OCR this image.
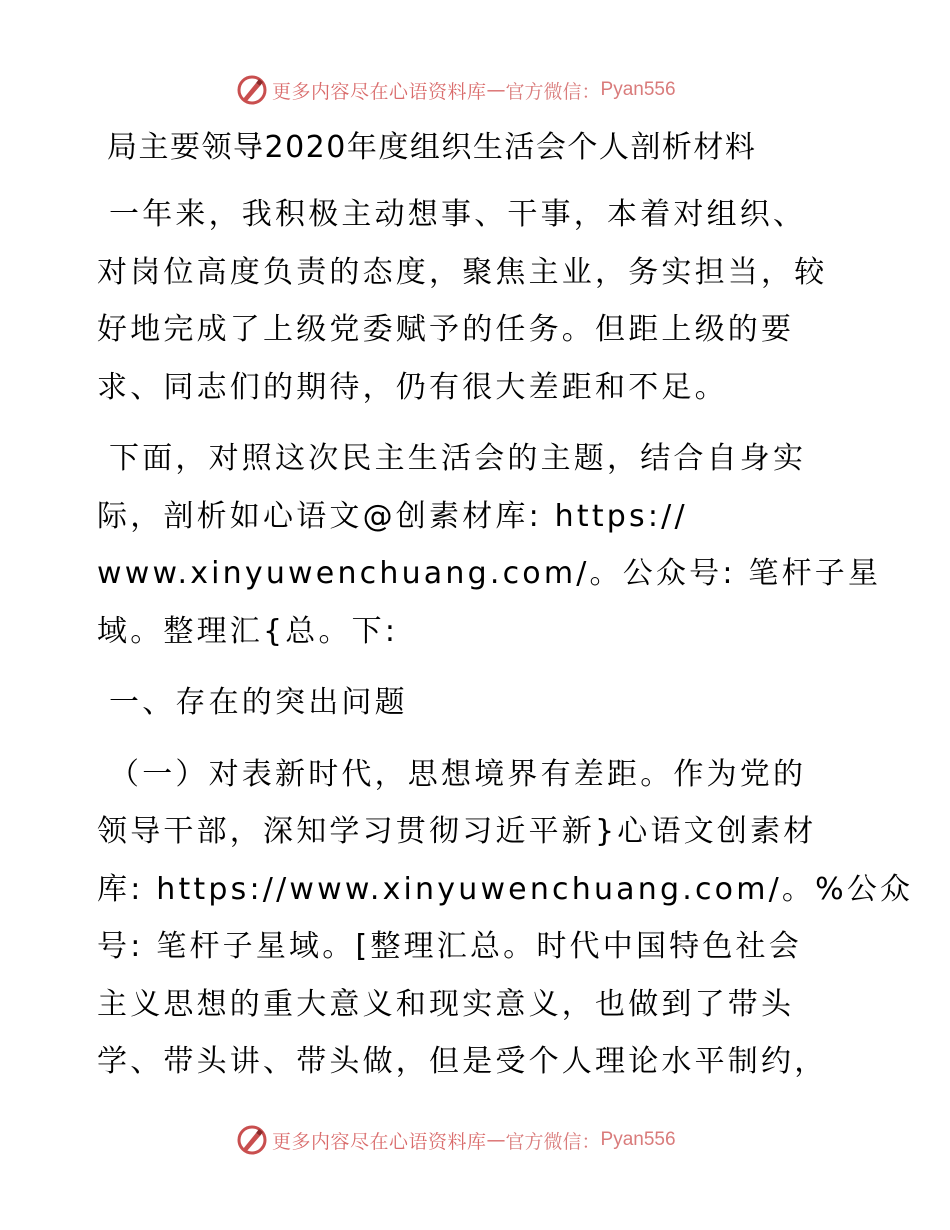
更多内容尽在心语资料库 — 官方微信： Pyan556
局主要领导2020年度组织生活会个人剖析材料
一年来，我积极主动想事、干事，本着对组织、
对岗位高度负责的态度，聚焦主业，务实担当，较
好地完成了上级党委赋予的任务。但距上级的要
求、同志们的期待，仍有很大差距和不足。
下面，对照这次民主生活会的主题，结合自身实
际，剖析如心语文@创素材库: https://
www.xinyuwenchuang.com/。公众号: 笔杆子星
域。整理汇{总。下:
一、存在的突出问题
（一）对表新时代，思想境界有差距。作为党的
领导干部，深知学习贯彻习近平新}心语文创素材
库: https://www.xinyuwenchuang.com/。%公众
号: 笔杆子星域。[整理汇总。时代中国特色社会
主义思想的重大意义和现实意义，也做到了带头
学、带头讲、带头做，但是受个人理论水平制约，
更多内容尽在心语资料库 — 官方微信： Pyan556
